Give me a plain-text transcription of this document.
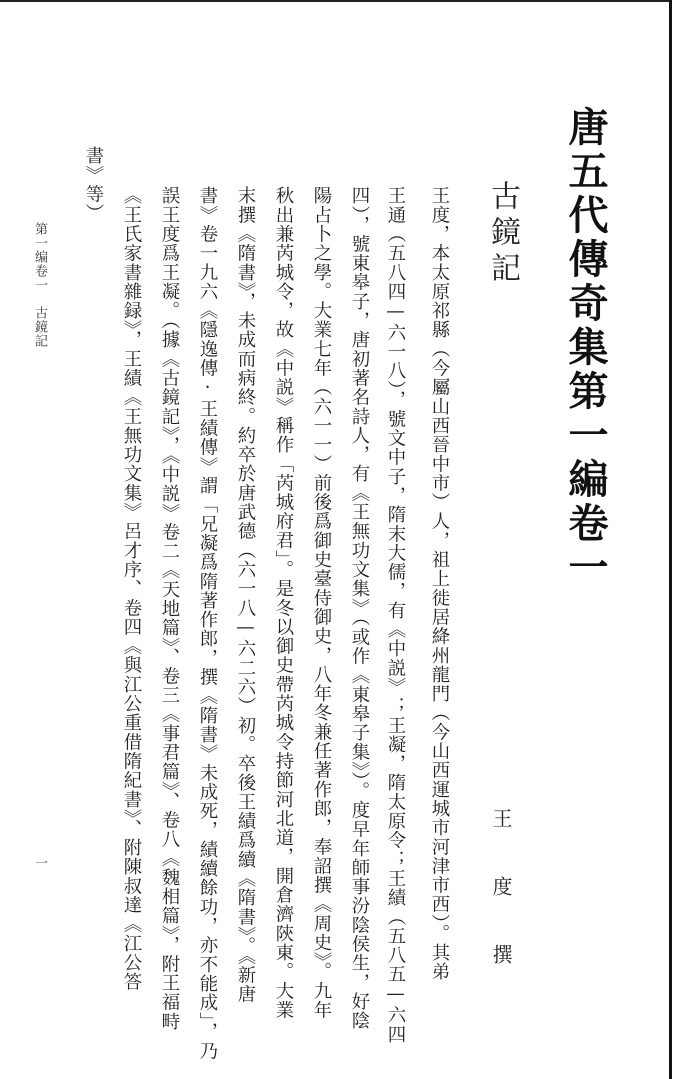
唐五代傳奇集第一編卷一
古鏡記
王　度　撰
王度，本太原祁縣（今屬山西晉中市）人，祖上徙居絳州龍門（今山西運城市河津市西）。其弟
王通（五八四—六一八），號文中子，隋末大儒，有《中説》；王凝，隋太原令；王績（五八五—六四
四），號東皋子，唐初著名詩人，有《王無功文集》（或作《東皋子集》）。度早年師事汾陰侯生，好陰
陽占卜之學。大業七年（六一一）前後爲御史臺侍御史，八年冬兼任著作郎，奉詔撰《周史》。九年
秋出兼芮城令，故《中説》稱作「芮城府君」。是冬以御史帶芮城令持節河北道，開倉濟陝東。大業
末撰《隋書》，未成而病終。約卒於唐武德（六一八—六二六）初。卒後王績爲續《隋書》。《新唐
書》卷一九六《隱逸傳·王績傳》謂「兄凝爲隋著作郎，撰《隋書》未成死，績續餘功，亦不能成」，乃
誤王度爲王凝。（據《古鏡記》，《中説》卷二《天地篇》、卷三《事君篇》、卷八《魏相篇》，附王福畤
《王氏家書雜録》，王績《王無功文集》呂才序、卷四《與江公重借隋紀書》、附陳叔達《江公答
書》等）
第一编卷一　古鏡記
一
